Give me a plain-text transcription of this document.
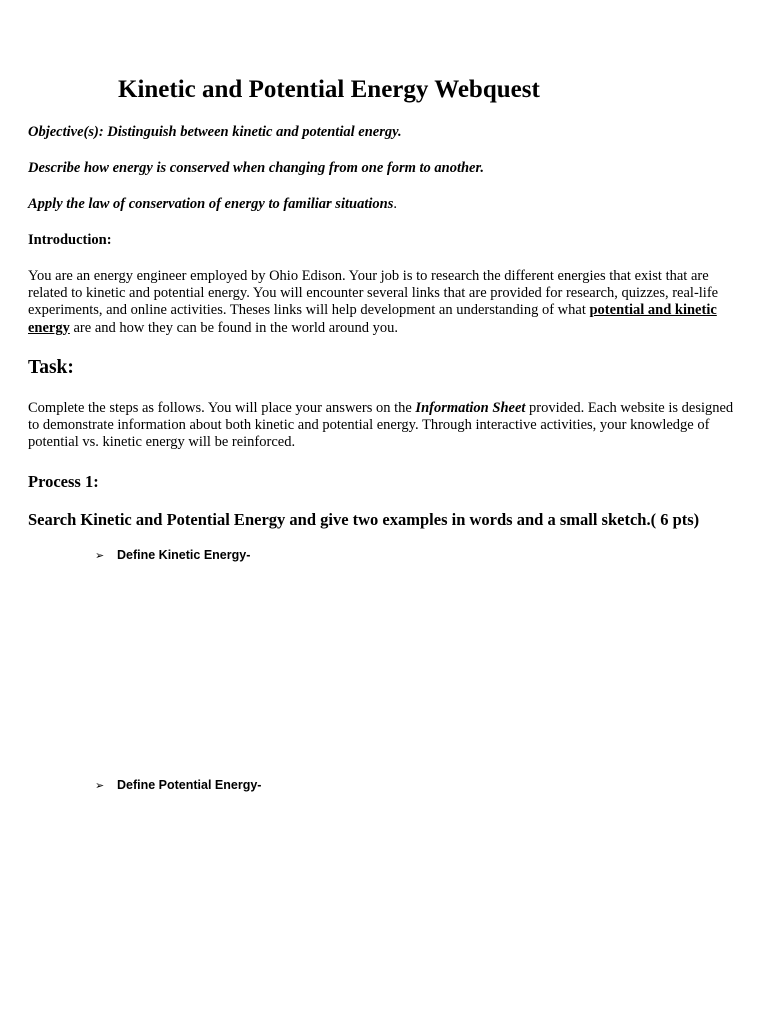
Kinetic and Potential Energy Webquest

Objective(s): Distinguish between kinetic and potential energy.

Describe how energy is conserved when changing from one form to another.

Apply the law of conservation of energy to familiar situations.

Introduction:

You are an energy engineer employed by Ohio Edison. Your job is to research the different energies that exist that are related to kinetic and potential energy. You will encounter several links that are provided for research, quizzes, real-life experiments, and online activities. Theses links will help development an understanding of what potential and kinetic energy are and how they can be found in the world around you.

Task:

Complete the steps as follows. You will place your answers on the Information Sheet provided. Each website is designed to demonstrate information about both kinetic and potential energy. Through interactive activities, your knowledge of potential vs. kinetic energy will be reinforced.

Process 1:

Search Kinetic and Potential Energy and give two examples in words and a small sketch.( 6 pts)

➢	Define Kinetic Energy-
➢	Define Potential Energy-
